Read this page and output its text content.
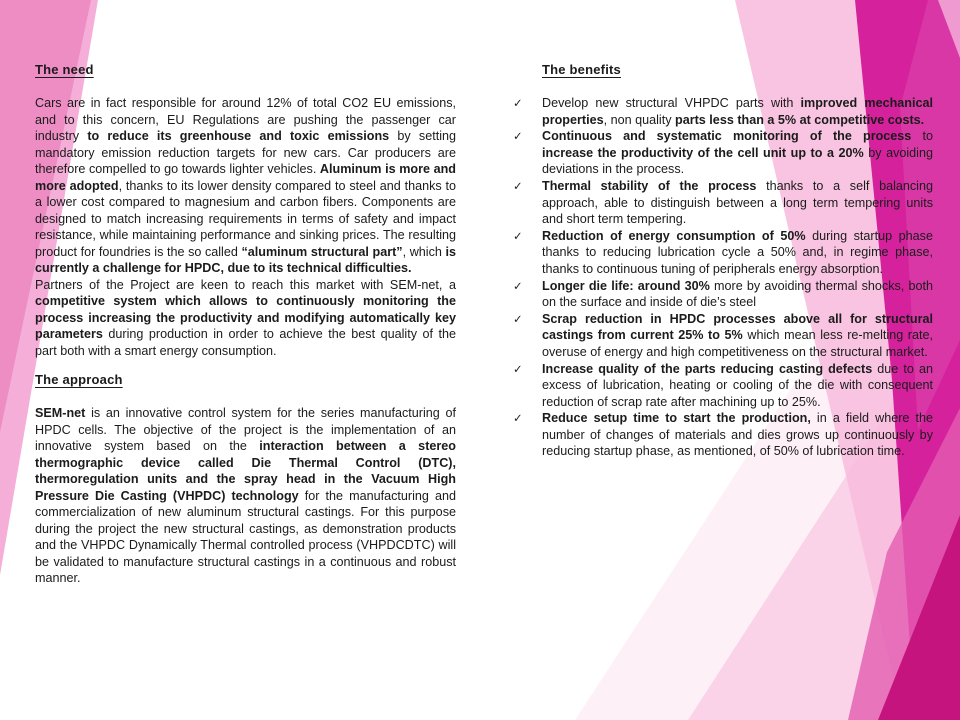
The need

Cars are in fact responsible for around 12% of total CO2 EU emissions, and to this concern, EU Regulations are pushing the passenger car industry to reduce its greenhouse and toxic emissions by setting mandatory emission reduction targets for new cars. Car producers are therefore compelled to go towards lighter vehicles. Aluminum is more and more adopted, thanks to its lower density compared to steel and thanks to a lower cost compared to magnesium and carbon fibers. Components are designed to match increasing requirements in terms of safety and impact resistance, while maintaining performance and sinking prices. The resulting product for foundries is the so called “aluminum structural part”, which is currently a challenge for HPDC, due to its technical difficulties.

Partners of the Project are keen to reach this market with SEM-net, a competitive system which allows to continuously monitoring the process increasing the productivity and modifying automatically key parameters during production in order to achieve the best quality of the part both with a smart energy consumption.

The approach

SEM-net is an innovative control system for the series manufacturing of HPDC cells. The objective of the project is the implementation of an innovative system based on the interaction between a stereo thermographic device called Die Thermal Control (DTC), thermoregulation units and the spray head in the Vacuum High Pressure Die Casting (VHPDC) technology for the manufacturing and commercialization of new aluminum structural castings. For this purpose during the project the new structural castings, as demonstration products and the VHPDC Dynamically Thermal controlled process (VHPDCDTC) will be validated to manufacture structural castings in a continuous and robust manner.

The benefits
✓ Develop new structural VHPDC parts with improved mechanical properties, non quality parts less than a 5% at competitive costs.
✓ Continuous and systematic monitoring of the process to increase the productivity of the cell unit up to a 20% by avoiding deviations in the process.
✓ Thermal stability of the process thanks to a self balancing approach, able to distinguish between a long term tempering units and short term tempering.
✓ Reduction of energy consumption of 50% during startup phase thanks to reducing lubrication cycle a 50% and, in regime phase, thanks to continuous tuning of peripherals energy absorption.
✓ Longer die life: around 30% more by avoiding thermal shocks, both on the surface and inside of die’s steel
✓ Scrap reduction in HPDC processes above all for structural castings from current 25% to 5% which mean less re-melting rate, overuse of energy and high competitiveness on the structural market.
✓ Increase quality of the parts reducing casting defects due to an excess of lubrication, heating or cooling of the die with consequent reduction of scrap rate after machining up to 25%.
✓ Reduce setup time to start the production, in a field where the number of changes of materials and dies grows up continuously by reducing startup phase, as mentioned, of 50% of lubrication time.
